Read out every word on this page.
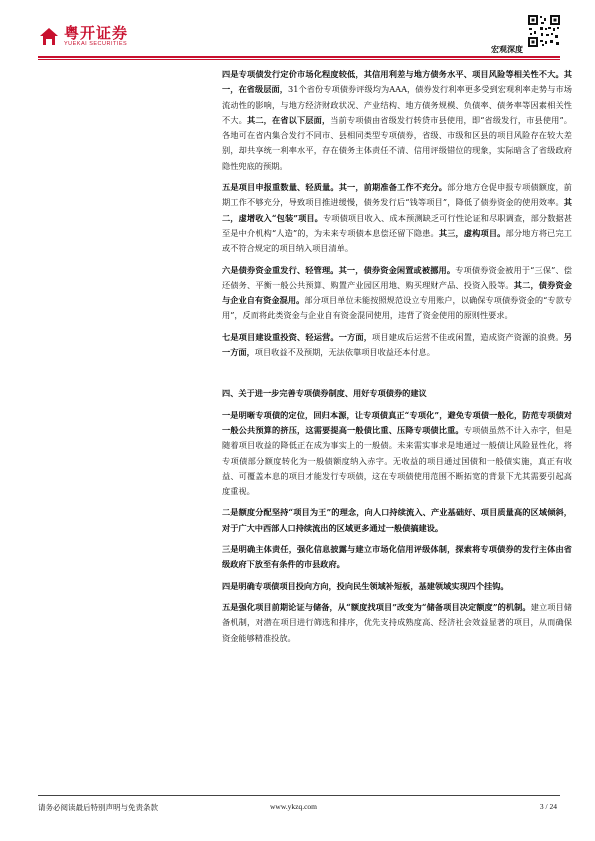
粤开证券
YUEKAI SECURITIES
宏观深度

四是专项债发行定价市场化程度较低，其信用利差与地方债务水平、项目风险等相关性不大。其一，在省级层面，31个省份专项债券评级均为AAA，债券发行利率更多受到宏观利率走势与市场流动性的影响，与地方经济财政状况、产业结构、地方债务规模、负债率、债务率等因素相关性不大。其二，在省以下层面，当前专项债由省级发行转贷市县使用，即“省级发行，市县使用”。各地可在省内集合发行不同市、县相同类型专项债券，省级、市级和区县的项目风险存在较大差别，却共享统一利率水平，存在债务主体责任不清、信用评级错位的现象，实际暗含了省级政府隐性兜底的预期。

五是项目申报重数量、轻质量。其一，前期准备工作不充分。部分地方仓促申报专项债额度，前期工作不够充分，导致项目推进缓慢，债务发行后“钱等项目”，降低了债券资金的使用效率。其二，虚增收入“包装”项目。专项债项目收入、成本预测缺乏可行性论证和尽职调查，部分数据甚至是中介机构“人造”的，为未来专项债本息偿还留下隐患。其三，虚构项目。部分地方将已完工或不符合规定的项目纳入项目清单。

六是债券资金重发行、轻管理。其一，债券资金闲置或被挪用。专项债券资金被用于“三保”、偿还债务、平衡一般公共预算、购置产业园区用地、购买理财产品、投资入股等。其二，债券资金与企业自有资金混用。部分项目单位未能按照规范设立专用账户，以确保专项债券资金的“专款专用”，反而将此类资金与企业自有资金混同使用，违背了资金使用的原则性要求。

七是项目建设重投资、轻运营。一方面，项目建成后运营不佳或闲置，造成资产资源的浪费。另一方面，项目收益不及预期，无法依靠项目收益还本付息。

四、关于进一步完善专项债券制度、用好专项债券的建议

一是明晰专项债的定位，回归本源，让专项债真正“专项化”，避免专项债一般化，防范专项债对一般公共预算的挤压，这需要提高一般债比重、压降专项债比重。专项债虽然不计入赤字，但是随着项目收益的降低正在成为事实上的一般债。未来需实事求是地通过一般债让风险显性化，将专项债部分额度转化为一般债额度纳入赤字。无收益的项目通过国债和一般债实施，真正有收益、可覆盖本息的项目才能发行专项债，这在专项债使用范围不断拓宽的背景下尤其需要引起高度重视。

二是额度分配坚持“项目为王”的理念，向人口持续流入、产业基础好、项目质量高的区域倾斜，对于广大中西部人口持续流出的区域更多通过一般债搞建设。

三是明确主体责任，强化信息披露与建立市场化信用评级体制，探索将专项债券的发行主体由省级政府下放至有条件的市县政府。

四是明确专项债项目投向方向，投向民生领域补短板，基建领域实现四个挂钩。

五是强化项目前期论证与储备，从“额度找项目”改变为“储备项目决定额度”的机制。建立项目储备机制，对潜在项目进行筛选和排序，优先支持成熟度高、经济社会效益显著的项目，从而确保资金能够精准投放。

请务必阅读最后特别声明与免责条款	www.ykzq.com	3 / 24
